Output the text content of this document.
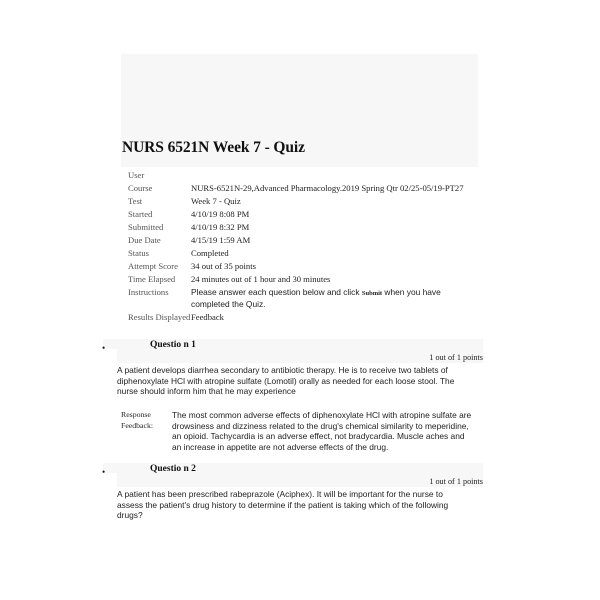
NURS 6521N Week 7 - Quiz
User
Course	NURS-6521N-29,Advanced Pharmacology.2019 Spring Qtr 02/25-05/19-PT27
Test	Week 7 - Quiz
Started	4/10/19 8:08 PM
Submitted	4/10/19 8:32 PM
Due Date	4/15/19 1:59 AM
Status	Completed
Attempt Score	34 out of 35 points
Time Elapsed	24 minutes out of 1 hour and 30 minutes
Instructions	Please answer each question below and click Submit when you have completed the Quiz.
Results Displayed Feedback
•	Questio n 1
1 out of 1 points
A patient develops diarrhea secondary to antibiotic therapy. He is to receive two tablets of diphenoxylate HCl with atropine sulfate (Lomotil) orally as needed for each loose stool. The nurse should inform him that he may experience
Response Feedback:
The most common adverse effects of diphenoxylate HCl with atropine sulfate are drowsiness and dizziness related to the drug's chemical similarity to meperidine, an opioid. Tachycardia is an adverse effect, not bradycardia. Muscle aches and an increase in appetite are not adverse effects of the drug.
•	Questio n 2
1 out of 1 points
A patient has been prescribed rabeprazole (Aciphex). It will be important for the nurse to assess the patient's drug history to determine if the patient is taking which of the following drugs?
